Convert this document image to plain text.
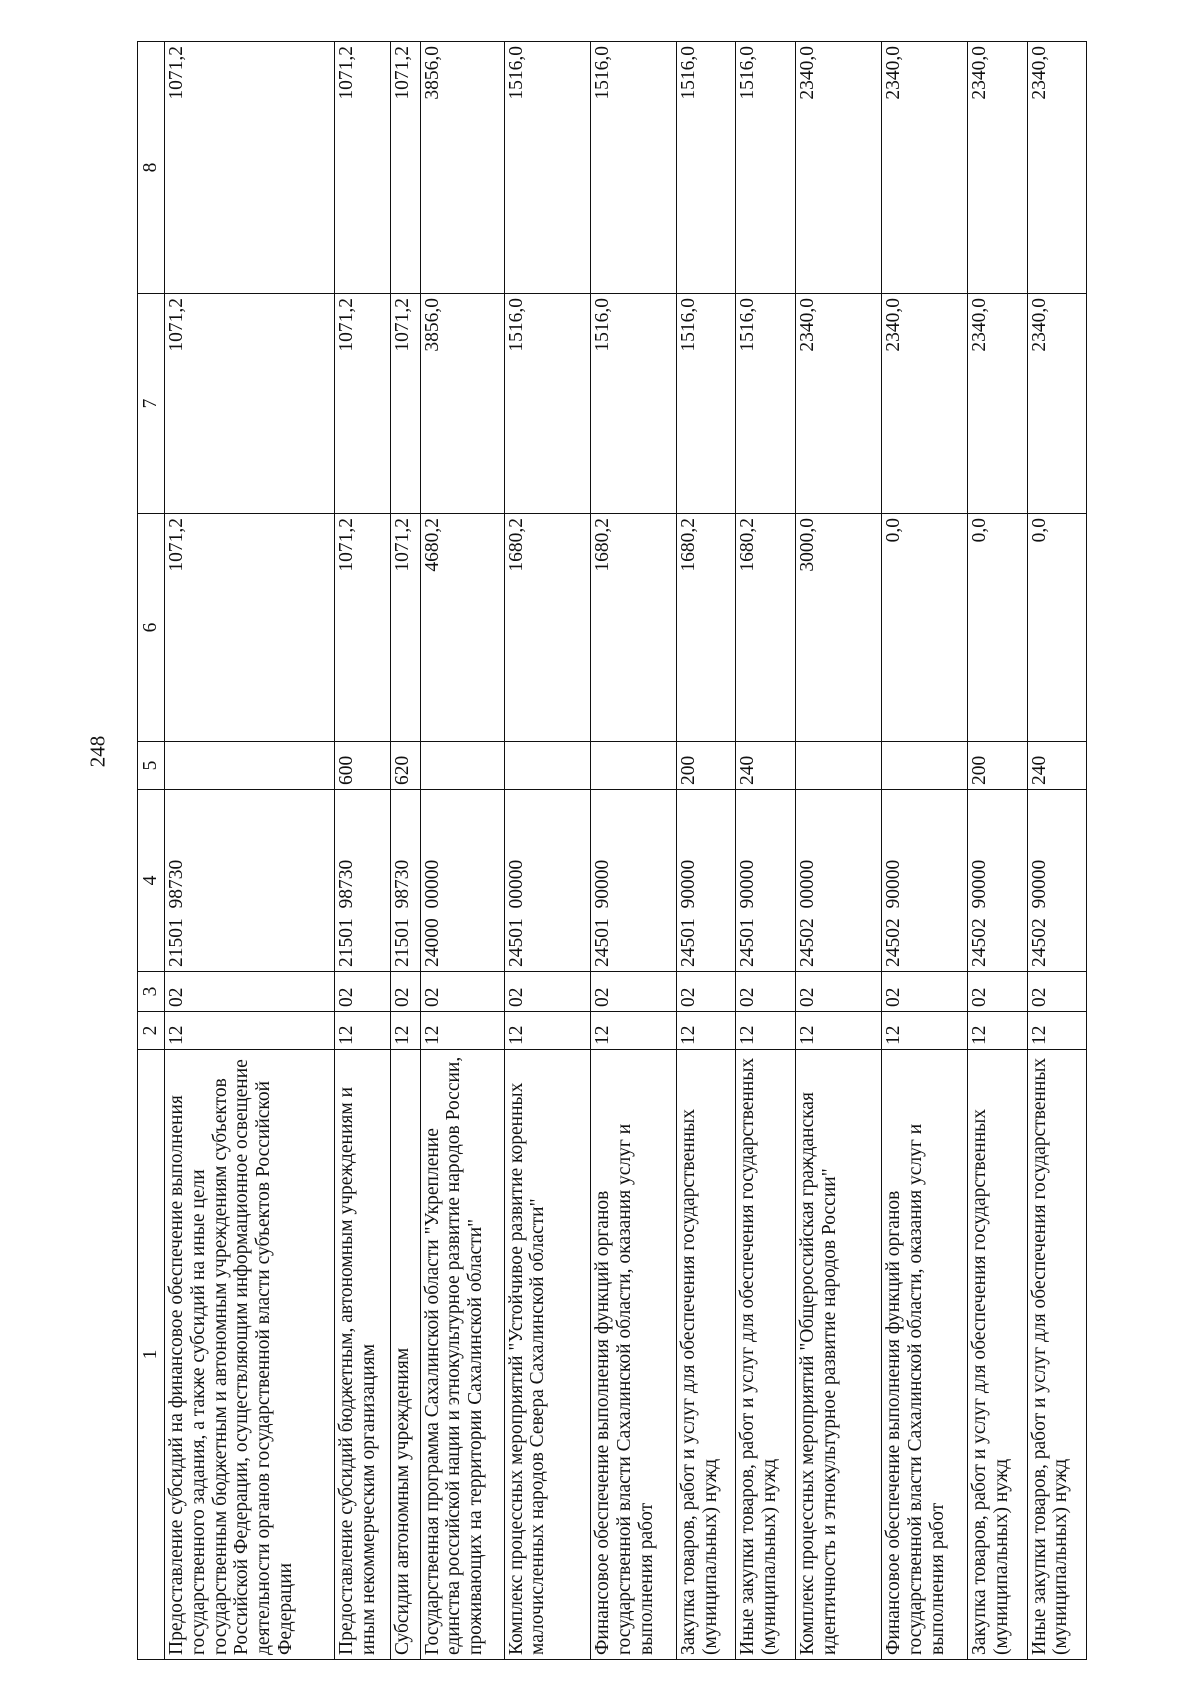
248
1	2	3	4	5	6	7	8
Предоставление субсидий на финансовое обеспечение выполнения государственного задания, а также субсидий на иные цели государственным бюджетным и автономным учреждениям субъектов Российской Федерации, осуществляющим информационное освещение деятельности органов государственной власти субъектов Российской Федерации	12	02	21501  98730		1071,2	1071,2	1071,2
Предоставление субсидий бюджетным, автономным учреждениям и иным некоммерческим организациям	12	02	21501  98730	600	1071,2	1071,2	1071,2
Субсидии автономным учреждениям	12	02	21501  98730	620	1071,2	1071,2	1071,2
Государственная программа Сахалинской области "Укрепление единства российской нации и этнокультурное развитие народов России, проживающих на территории Сахалинской области"	12	02	24000  00000		4680,2	3856,0	3856,0
Комплекс процессных мероприятий "Устойчивое развитие коренных малочисленных народов Севера Сахалинской области"	12	02	24501  00000		1680,2	1516,0	1516,0
Финансовое обеспечение выполнения функций органов государственной власти Сахалинской области, оказания услуг и выполнения работ	12	02	24501  90000		1680,2	1516,0	1516,0
Закупка товаров, работ и услуг для обеспечения государственных (муниципальных) нужд	12	02	24501  90000	200	1680,2	1516,0	1516,0
Иные закупки товаров, работ и услуг для обеспечения государственных (муниципальных) нужд	12	02	24501  90000	240	1680,2	1516,0	1516,0
Комплекс процессных мероприятий "Общероссийская гражданская идентичность и этнокультурное развитие народов России"	12	02	24502  00000		3000,0	2340,0	2340,0
Финансовое обеспечение выполнения функций органов государственной власти Сахалинской области, оказания услуг и выполнения работ	12	02	24502  90000		0,0	2340,0	2340,0
Закупка товаров, работ и услуг для обеспечения государственных (муниципальных) нужд	12	02	24502  90000	200	0,0	2340,0	2340,0
Иные закупки товаров, работ и услуг для обеспечения государственных (муниципальных) нужд	12	02	24502  90000	240	0,0	2340,0	2340,0
